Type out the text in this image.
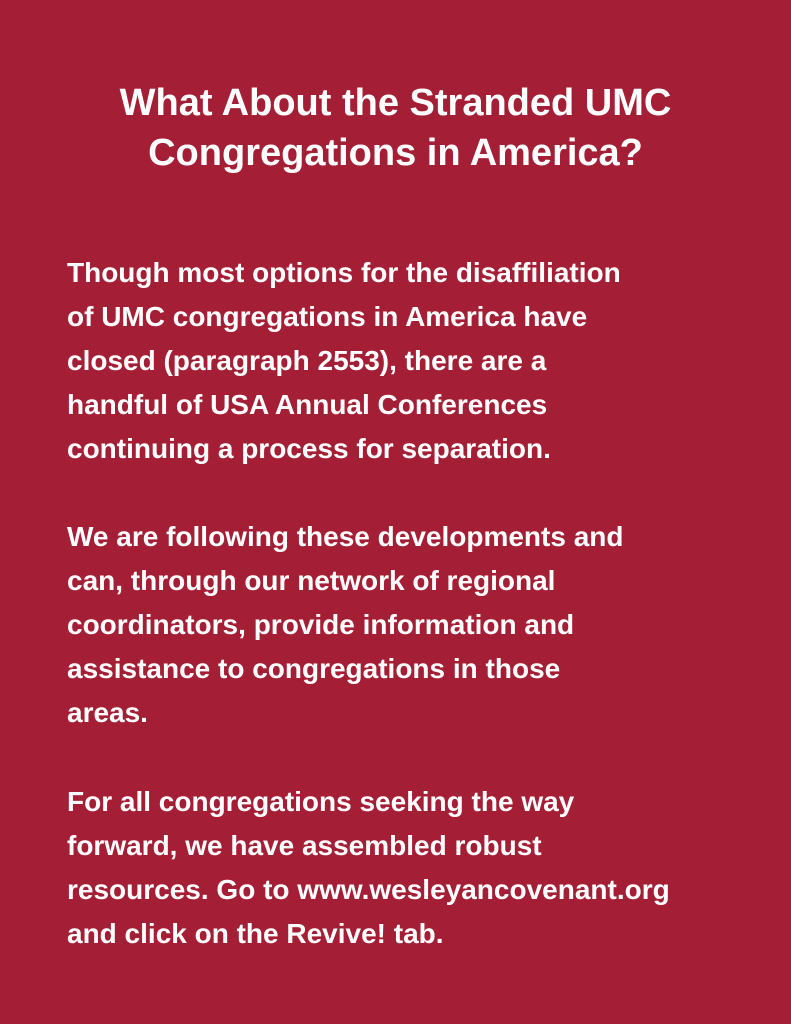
What About the Stranded UMC
Congregations in America?

Though most options for the disaffiliation
of UMC congregations in America have
closed (paragraph 2553), there are a
handful of USA Annual Conferences
continuing a process for separation.

We are following these developments and
can, through our network of regional
coordinators, provide information and
assistance to congregations in those
areas.

For all congregations seeking the way
forward, we have assembled robust
resources. Go to www.wesleyancovenant.org
and click on the Revive! tab.
